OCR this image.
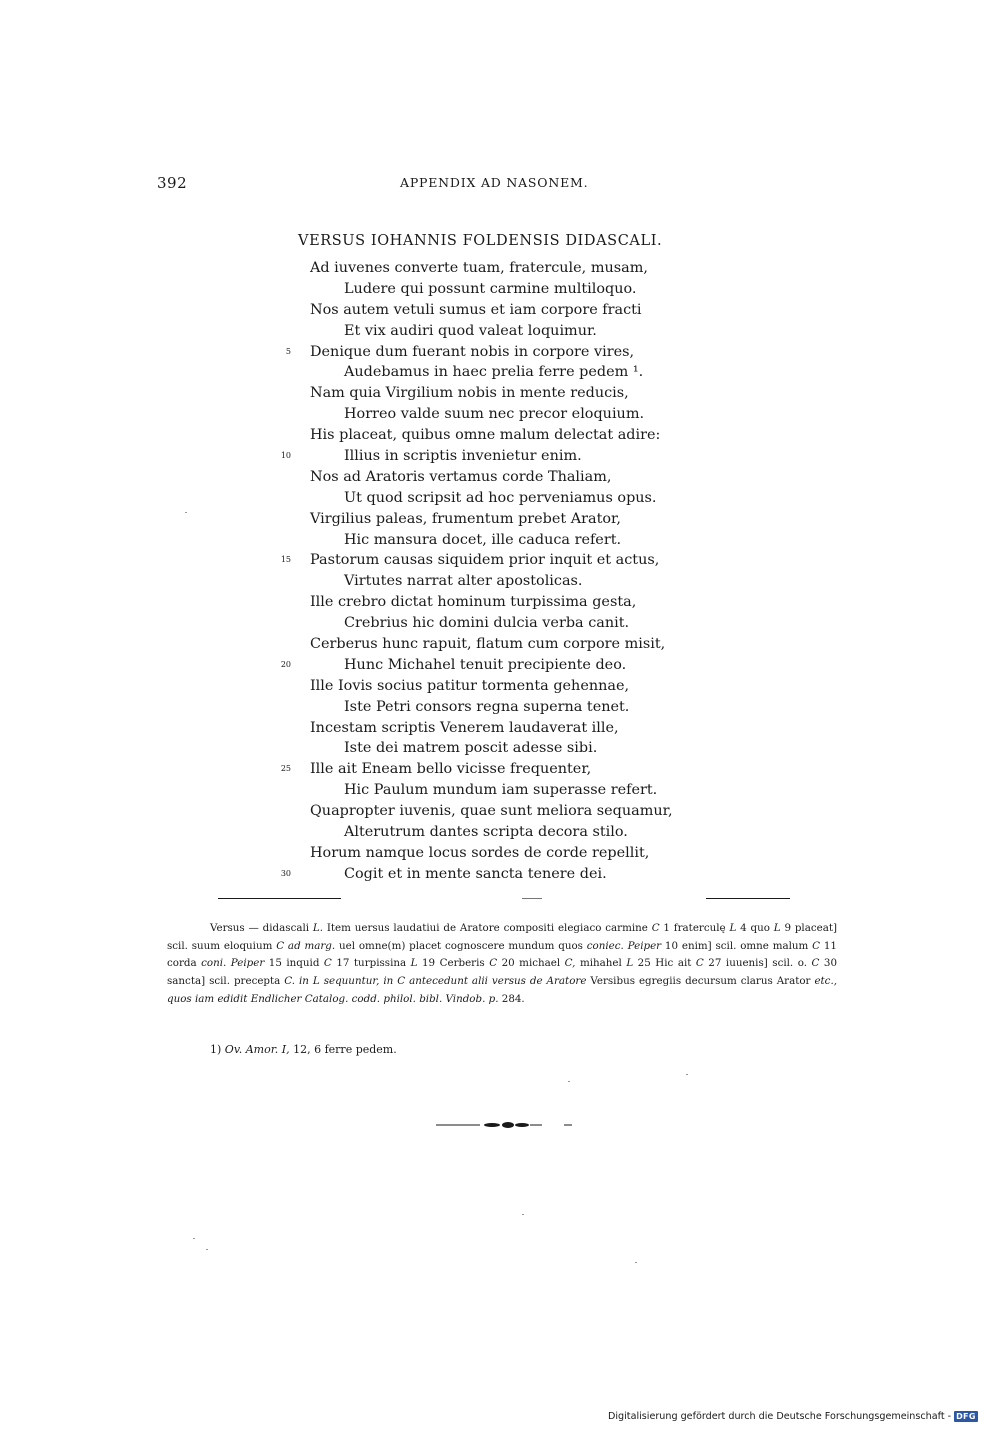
392	APPENDIX AD NASONEM.
VERSUS IOHANNIS FOLDENSIS DIDASCALI.
Ad iuvenes converte tuam, fratercule, musam,
Ludere qui possunt carmine multiloquo.
Nos autem vetuli sumus et iam corpore fracti
Et vix audiri quod valeat loquimur.
5 Denique dum fuerant nobis in corpore vires,
Audebamus in haec prelia ferre pedem ¹.
Nam quia Virgilium nobis in mente reducis,
Horreo valde suum nec precor eloquium.
His placeat, quibus omne malum delectat adire:
10	Illius in scriptis invenietur enim.
Nos ad Aratoris vertamus corde Thaliam,
Ut quod scripsit ad hoc perveniamus opus.
Virgilius paleas, frumentum prebet Arator,
Hic mansura docet, ille caduca refert.
15 Pastorum causas siquidem prior inquit et actus,
Virtutes narrat alter apostolicas.
Ille crebro dictat hominum turpissima gesta,
Crebrius hic domini dulcia verba canit.
Cerberus hunc rapuit, flatum cum corpore misit,
20	Hunc Michahel tenuit precipiente deo.
Ille Iovis socius patitur tormenta gehennae,
Iste Petri consors regna superna tenet.
Incestam scriptis Venerem laudaverat ille,
Iste dei matrem poscit adesse sibi.
25 Ille ait Eneam bello vicisse frequenter,
Hic Paulum mundum iam superasse refert.
Quapropter iuvenis, quae sunt meliora sequamur,
Alterutrum dantes scripta decora stilo.
Horum namque locus sordes de corde repellit,
30	Cogit et in mente sancta tenere dei.
Versus — didascali L. Item uersus laudatiui de Aratore compositi elegiaco carmine C 1 fraterculę L 4 quo L 9 placeat] scil. suum eloquium C ad marg. uel omne(m) placet cognoscere mundum quos coniec. Peiper 10 enim] scil. omne malum C 11 corda coni. Peiper 15 inquid C 17 turpissina L 19 Cerberis C 20 michael C, mihahel L 25 Hic ait C 27 iuuenis] scil. o. C 30 sancta] scil. precepta C. in L sequuntur, in C antecedunt alii versus de Aratore Versibus egregiis decursum clarus Arator etc., quos iam edidit Endlicher Catalog. codd. philol. bibl. Vindob. p. 284.
1) Ov. Amor. I, 12, 6 ferre pedem.
Digitalisierung gefördert durch die Deutsche Forschungsgemeinschaft - DFG
